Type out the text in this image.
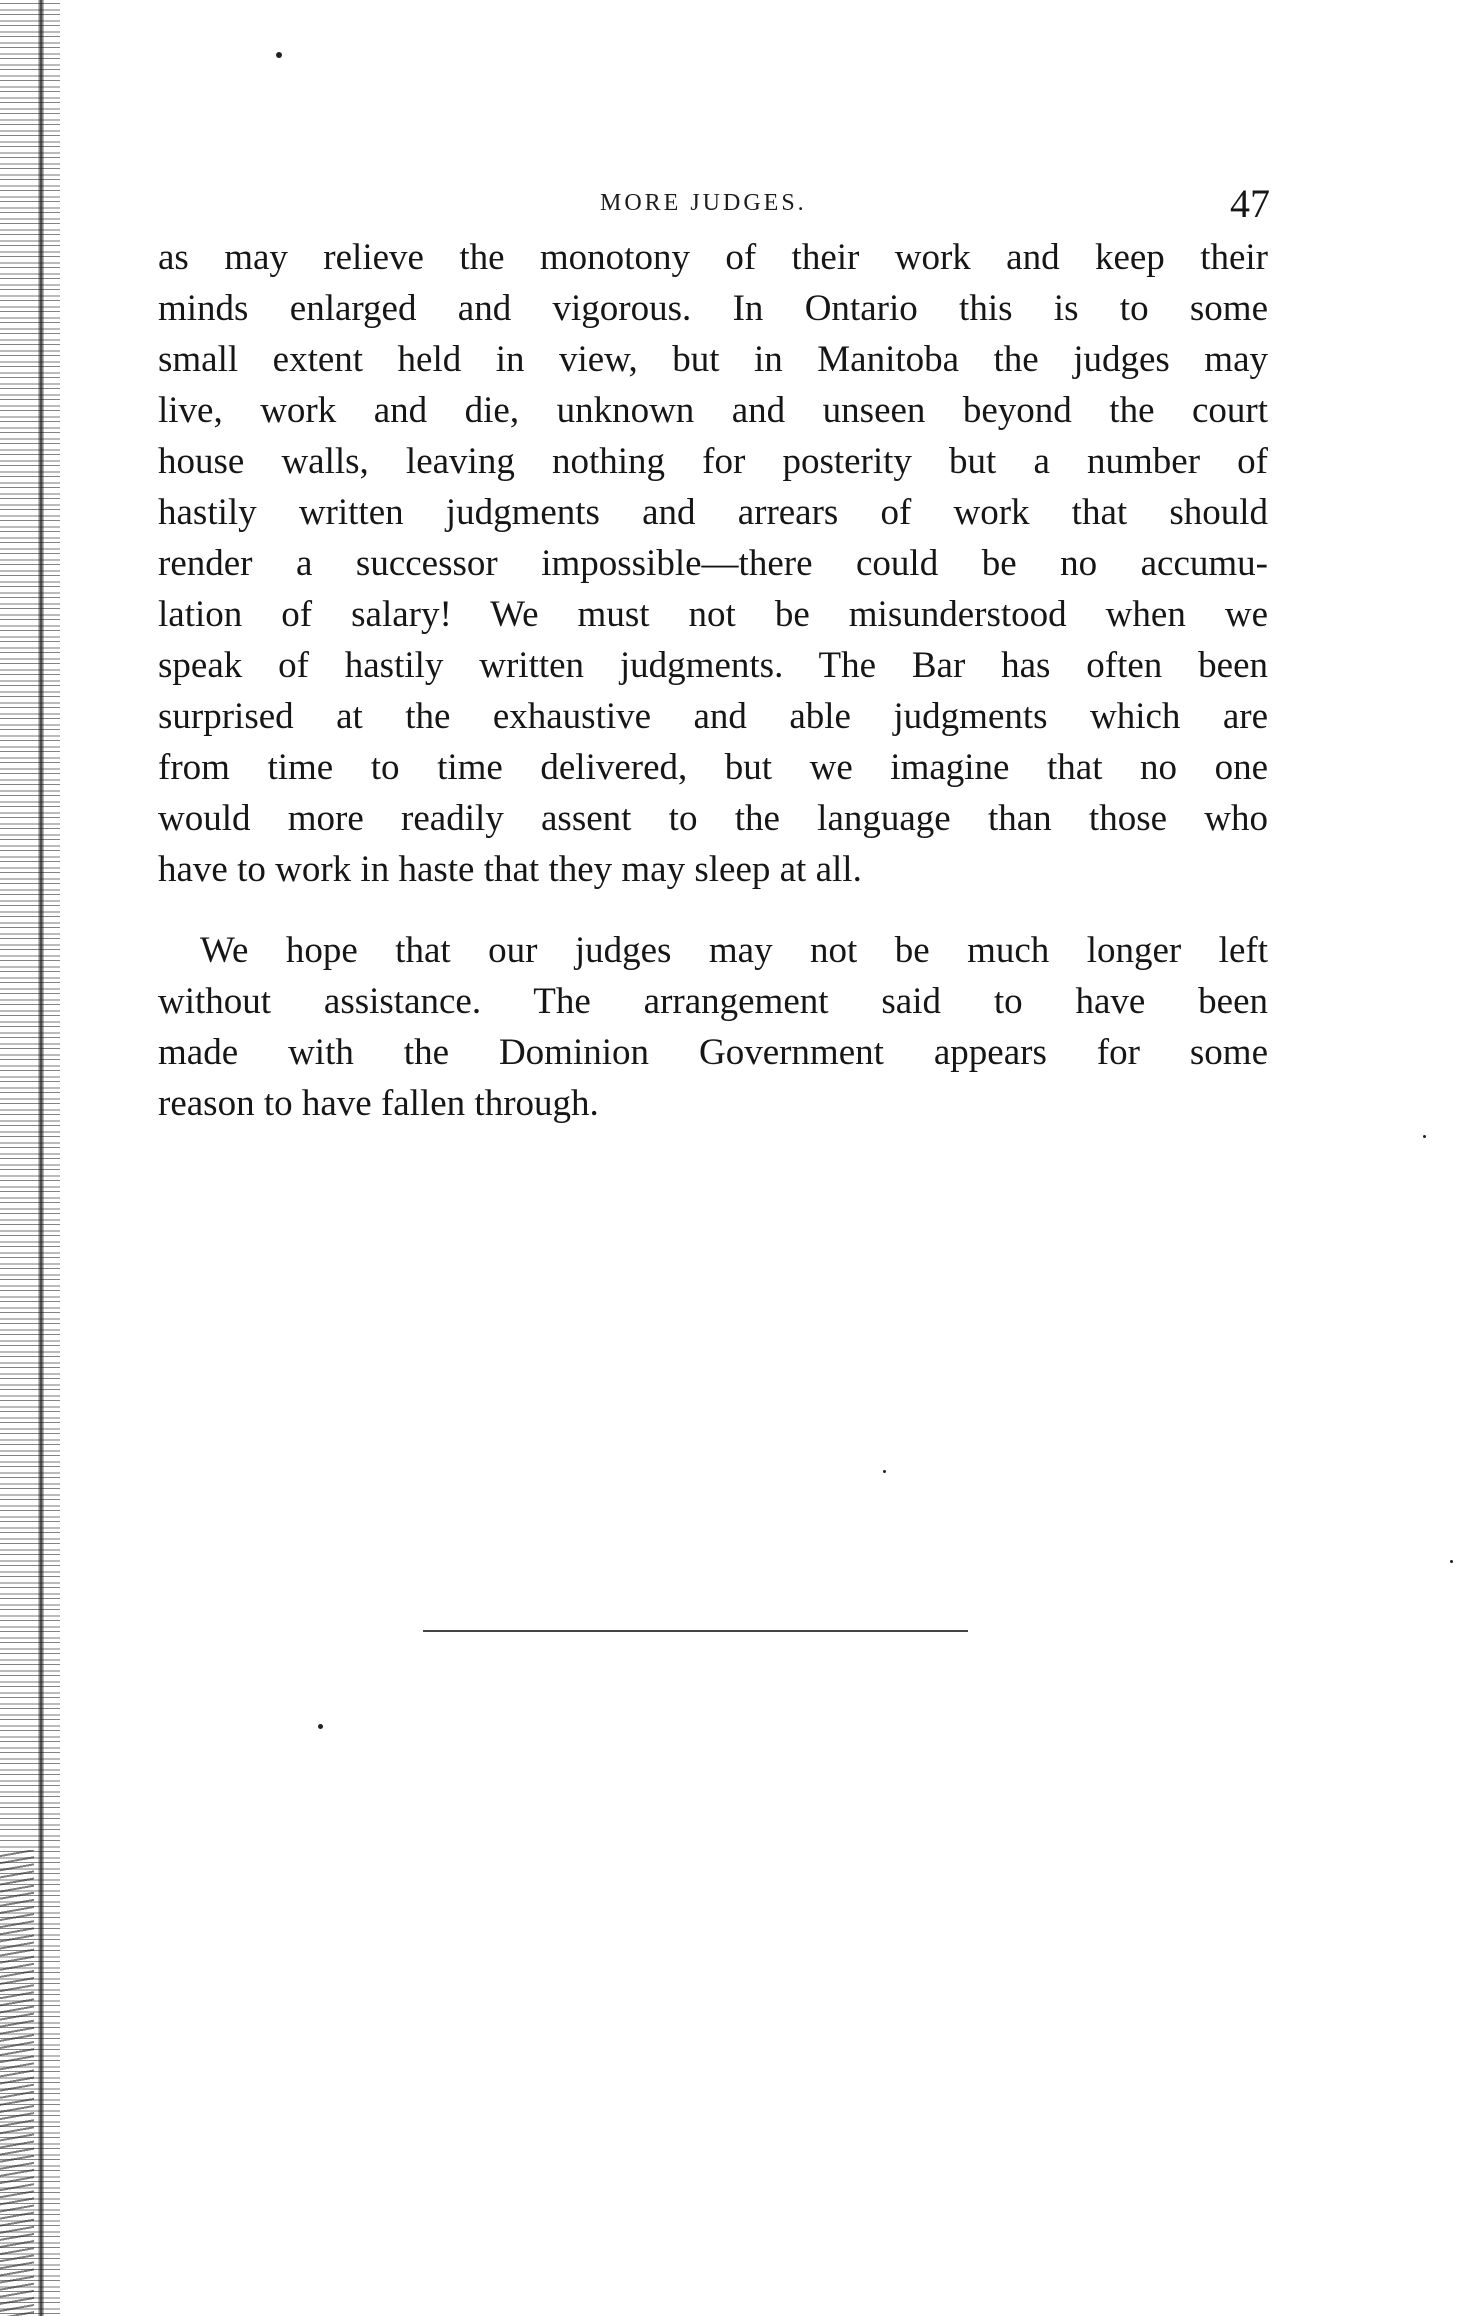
MORE JUDGES.	47
as may relieve the monotony of their work and keep their
minds enlarged and vigorous. In Ontario this is to some
small extent held in view, but in Manitoba the judges may
live, work and die, unknown and unseen beyond the court
house walls, leaving nothing for posterity but a number of
hastily written judgments and arrears of work that should
render a successor impossible—there could be no accumu-
lation of salary! We must not be misunderstood when we
speak of hastily written judgments. The Bar has often been
surprised at the exhaustive and able judgments which are
from time to time delivered, but we imagine that no one
would more readily assent to the language than those who
have to work in haste that they may sleep at all.
We hope that our judges may not be much longer left
without assistance. The arrangement said to have been
made with the Dominion Government appears for some
reason to have fallen through.
